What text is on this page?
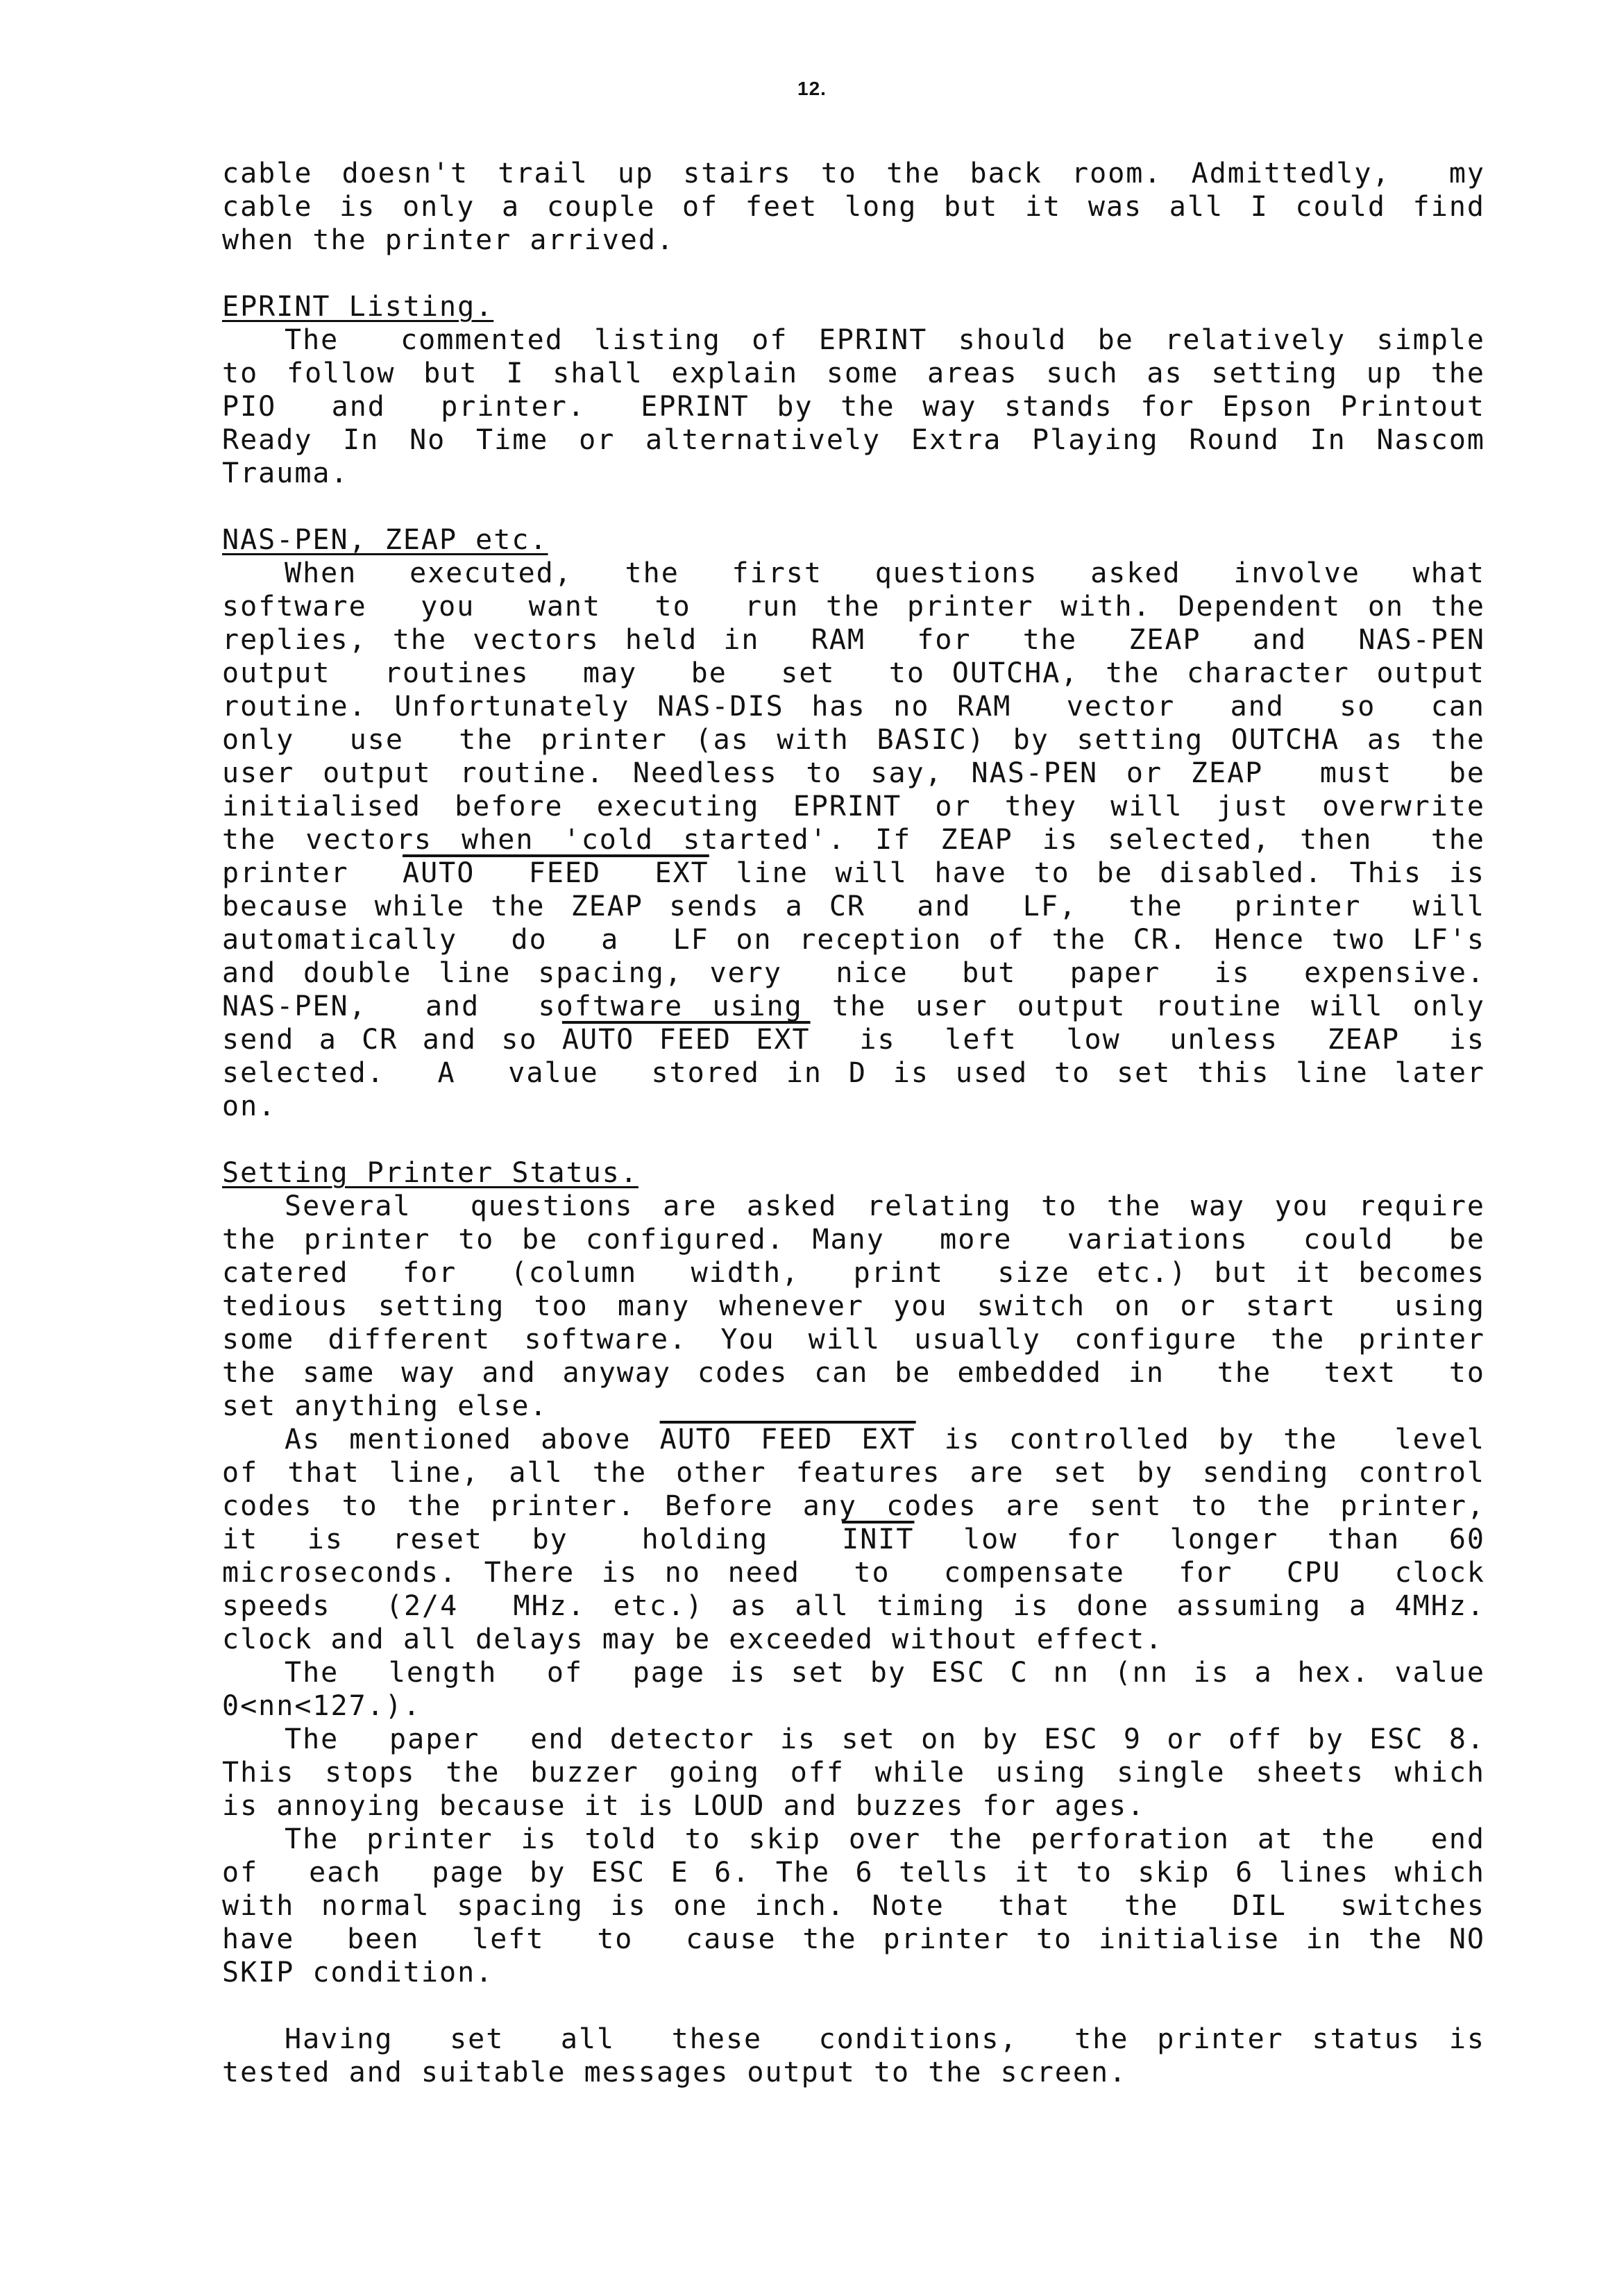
12.
cable doesn't trail up stairs to the back room. Admittedly,  my
cable is only a couple of feet long but it was all I could find
when the printer arrived.
EPRINT Listing.
The  commented listing of EPRINT should be relatively simple
to follow but I shall explain some areas such as setting up the
PIO  and  printer.  EPRINT by the way stands for Epson Printout
Ready In No Time or alternatively Extra Playing Round In Nascom
Trauma.
NAS-PEN, ZEAP etc.
When  executed,  the  first  questions  asked  involve  what
software  you  want  to  run the printer with. Dependent on the
replies, the vectors held in  RAM  for  the  ZEAP  and  NAS-PEN
output  routines  may  be  set  to OUTCHA, the character output
routine. Unfortunately NAS-DIS has no RAM  vector  and  so  can
only  use  the printer (as with BASIC) by setting OUTCHA as the
user output routine. Needless to say, NAS-PEN or ZEAP  must  be
initialised before executing EPRINT or they will just overwrite
the vectors when 'cold started'. If ZEAP is selected, then  the
printer  AUTO  FEED  EXT line will have to be disabled. This is
because while the ZEAP sends a CR  and  LF,  the  printer  will
automatically  do  a  LF on reception of the CR. Hence two LF's
and double line spacing, very  nice  but  paper  is  expensive.
NAS-PEN,  and  software using the user output routine will only
send a CR and so AUTO FEED EXT  is  left  low  unless  ZEAP  is
selected.  A  value  stored in D is used to set this line later
on.
Setting Printer Status.
Several  questions are asked relating to the way you require
the printer to be configured. Many  more  variations  could  be
catered  for  (column  width,  print  size etc.) but it becomes
tedious setting too many whenever you switch on or start  using
some different software. You will usually configure the printer
the same way and anyway codes can be embedded in  the  text  to
set anything else.
As mentioned above AUTO FEED EXT is controlled by the  level
of that line, all the other features are set by sending control
codes to the printer. Before any codes are sent to the printer,
it  is  reset  by   holding   INIT  low  for  longer  than  60
microseconds. There is no need  to  compensate  for  CPU  clock
speeds  (2/4  MHz. etc.) as all timing is done assuming a 4MHz.
clock and all delays may be exceeded without effect.
The  length  of  page is set by ESC C nn (nn is a hex. value
0<nn<127.).
The  paper  end detector is set on by ESC 9 or off by ESC 8.
This stops the buzzer going off while using single sheets which
is annoying because it is LOUD and buzzes for ages.
The printer is told to skip over the perforation at the  end
of  each  page by ESC E 6. The 6 tells it to skip 6 lines which
with normal spacing is one inch. Note  that  the  DIL  switches
have  been  left  to  cause the printer to initialise in the NO
SKIP condition.
Having  set  all  these  conditions,  the printer status is
tested and suitable messages output to the screen.
